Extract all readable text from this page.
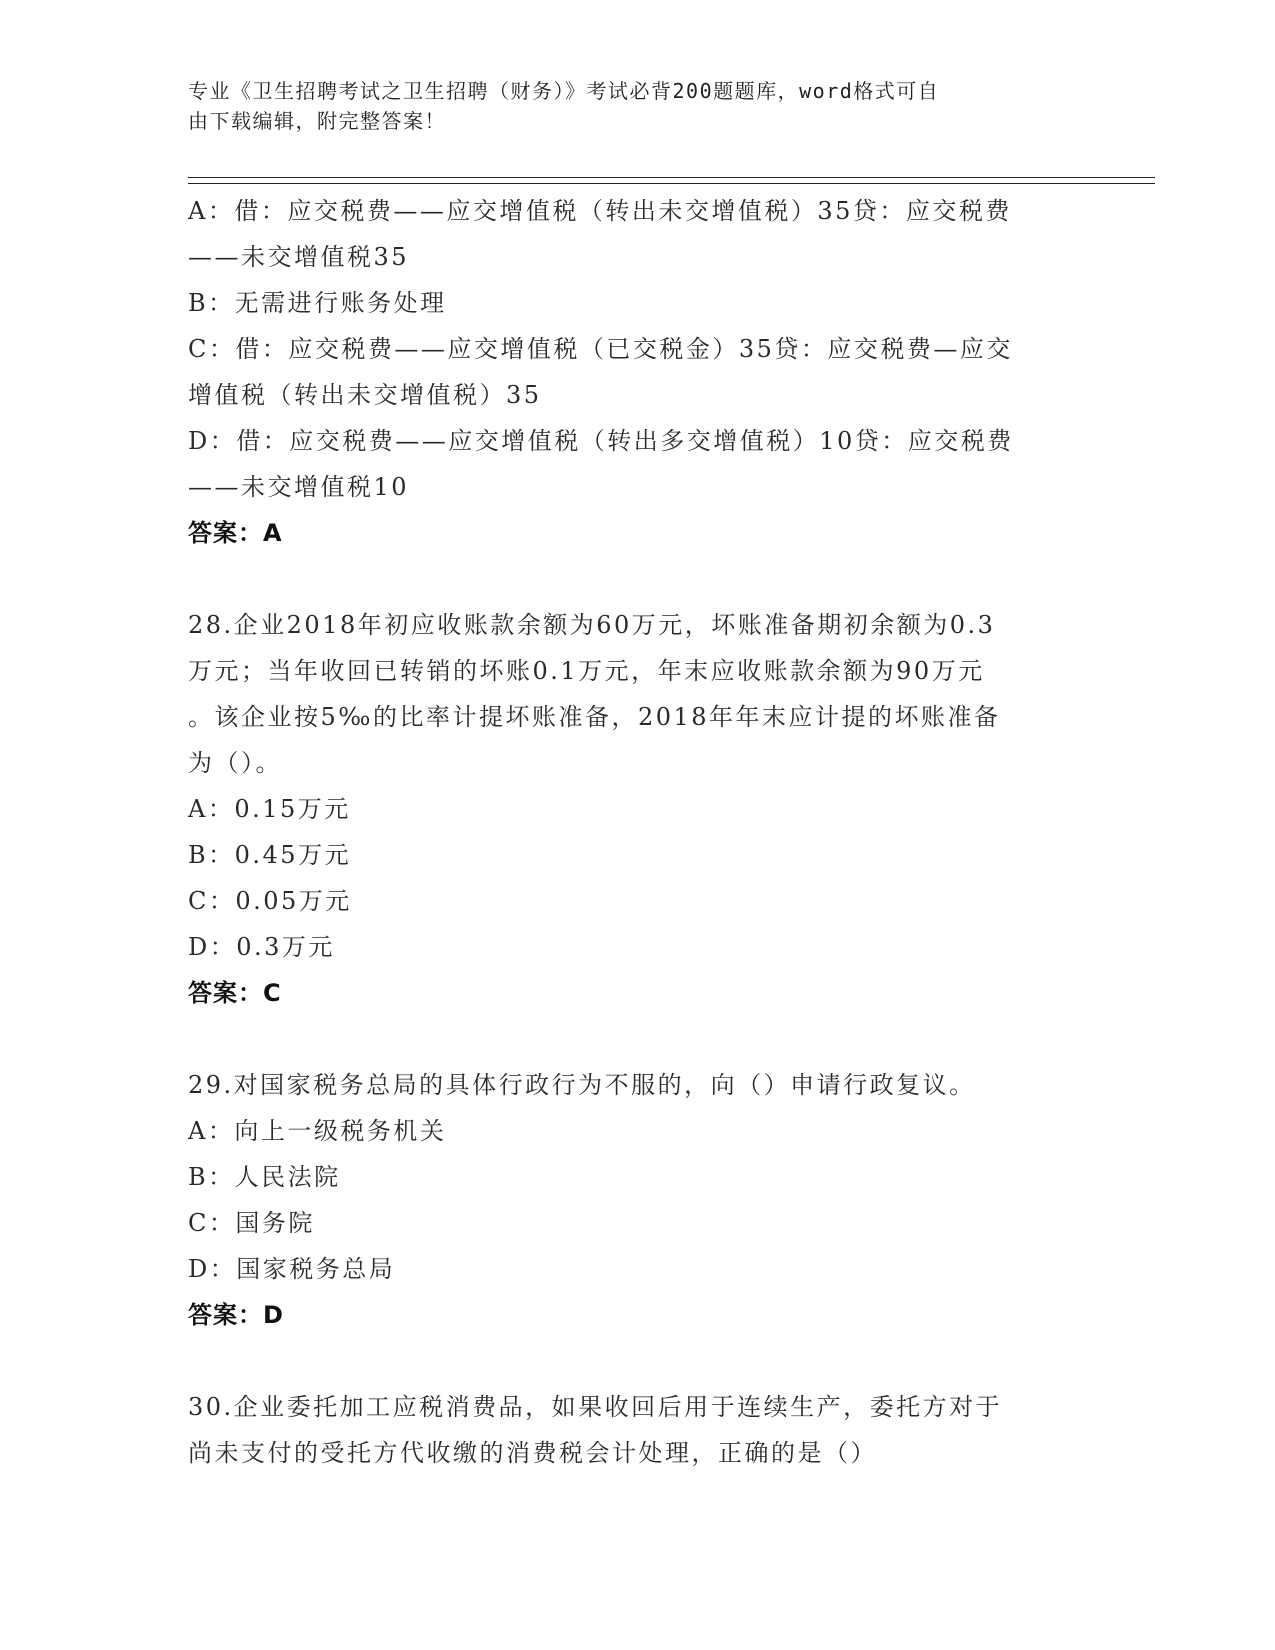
专业《卫生招聘考试之卫生招聘（财务）》考试必背200题题库，word格式可自
由下载编辑，附完整答案！
A：借：应交税费——应交增值税（转出未交增值税）35贷：应交税费
——未交增值税35
B：无需进行账务处理
C：借：应交税费——应交增值税（已交税金）35贷：应交税费—应交
增值税（转出未交增值税）35
D：借：应交税费——应交增值税（转出多交增值税）10贷：应交税费
——未交增值税10
答案：A
28.企业2018年初应收账款余额为60万元，坏账准备期初余额为0.3
万元；当年收回已转销的坏账0.1万元，年末应收账款余额为90万元
。该企业按5‰的比率计提坏账准备，2018年年末应计提的坏账准备
为（）。
A：0.15万元
B：0.45万元
C：0.05万元
D：0.3万元
答案：C
29.对国家税务总局的具体行政行为不服的，向（）申请行政复议。
A：向上一级税务机关
B：人民法院
C：国务院
D：国家税务总局
答案：D
30.企业委托加工应税消费品，如果收回后用于连续生产，委托方对于
尚未支付的受托方代收缴的消费税会计处理，正确的是（）
